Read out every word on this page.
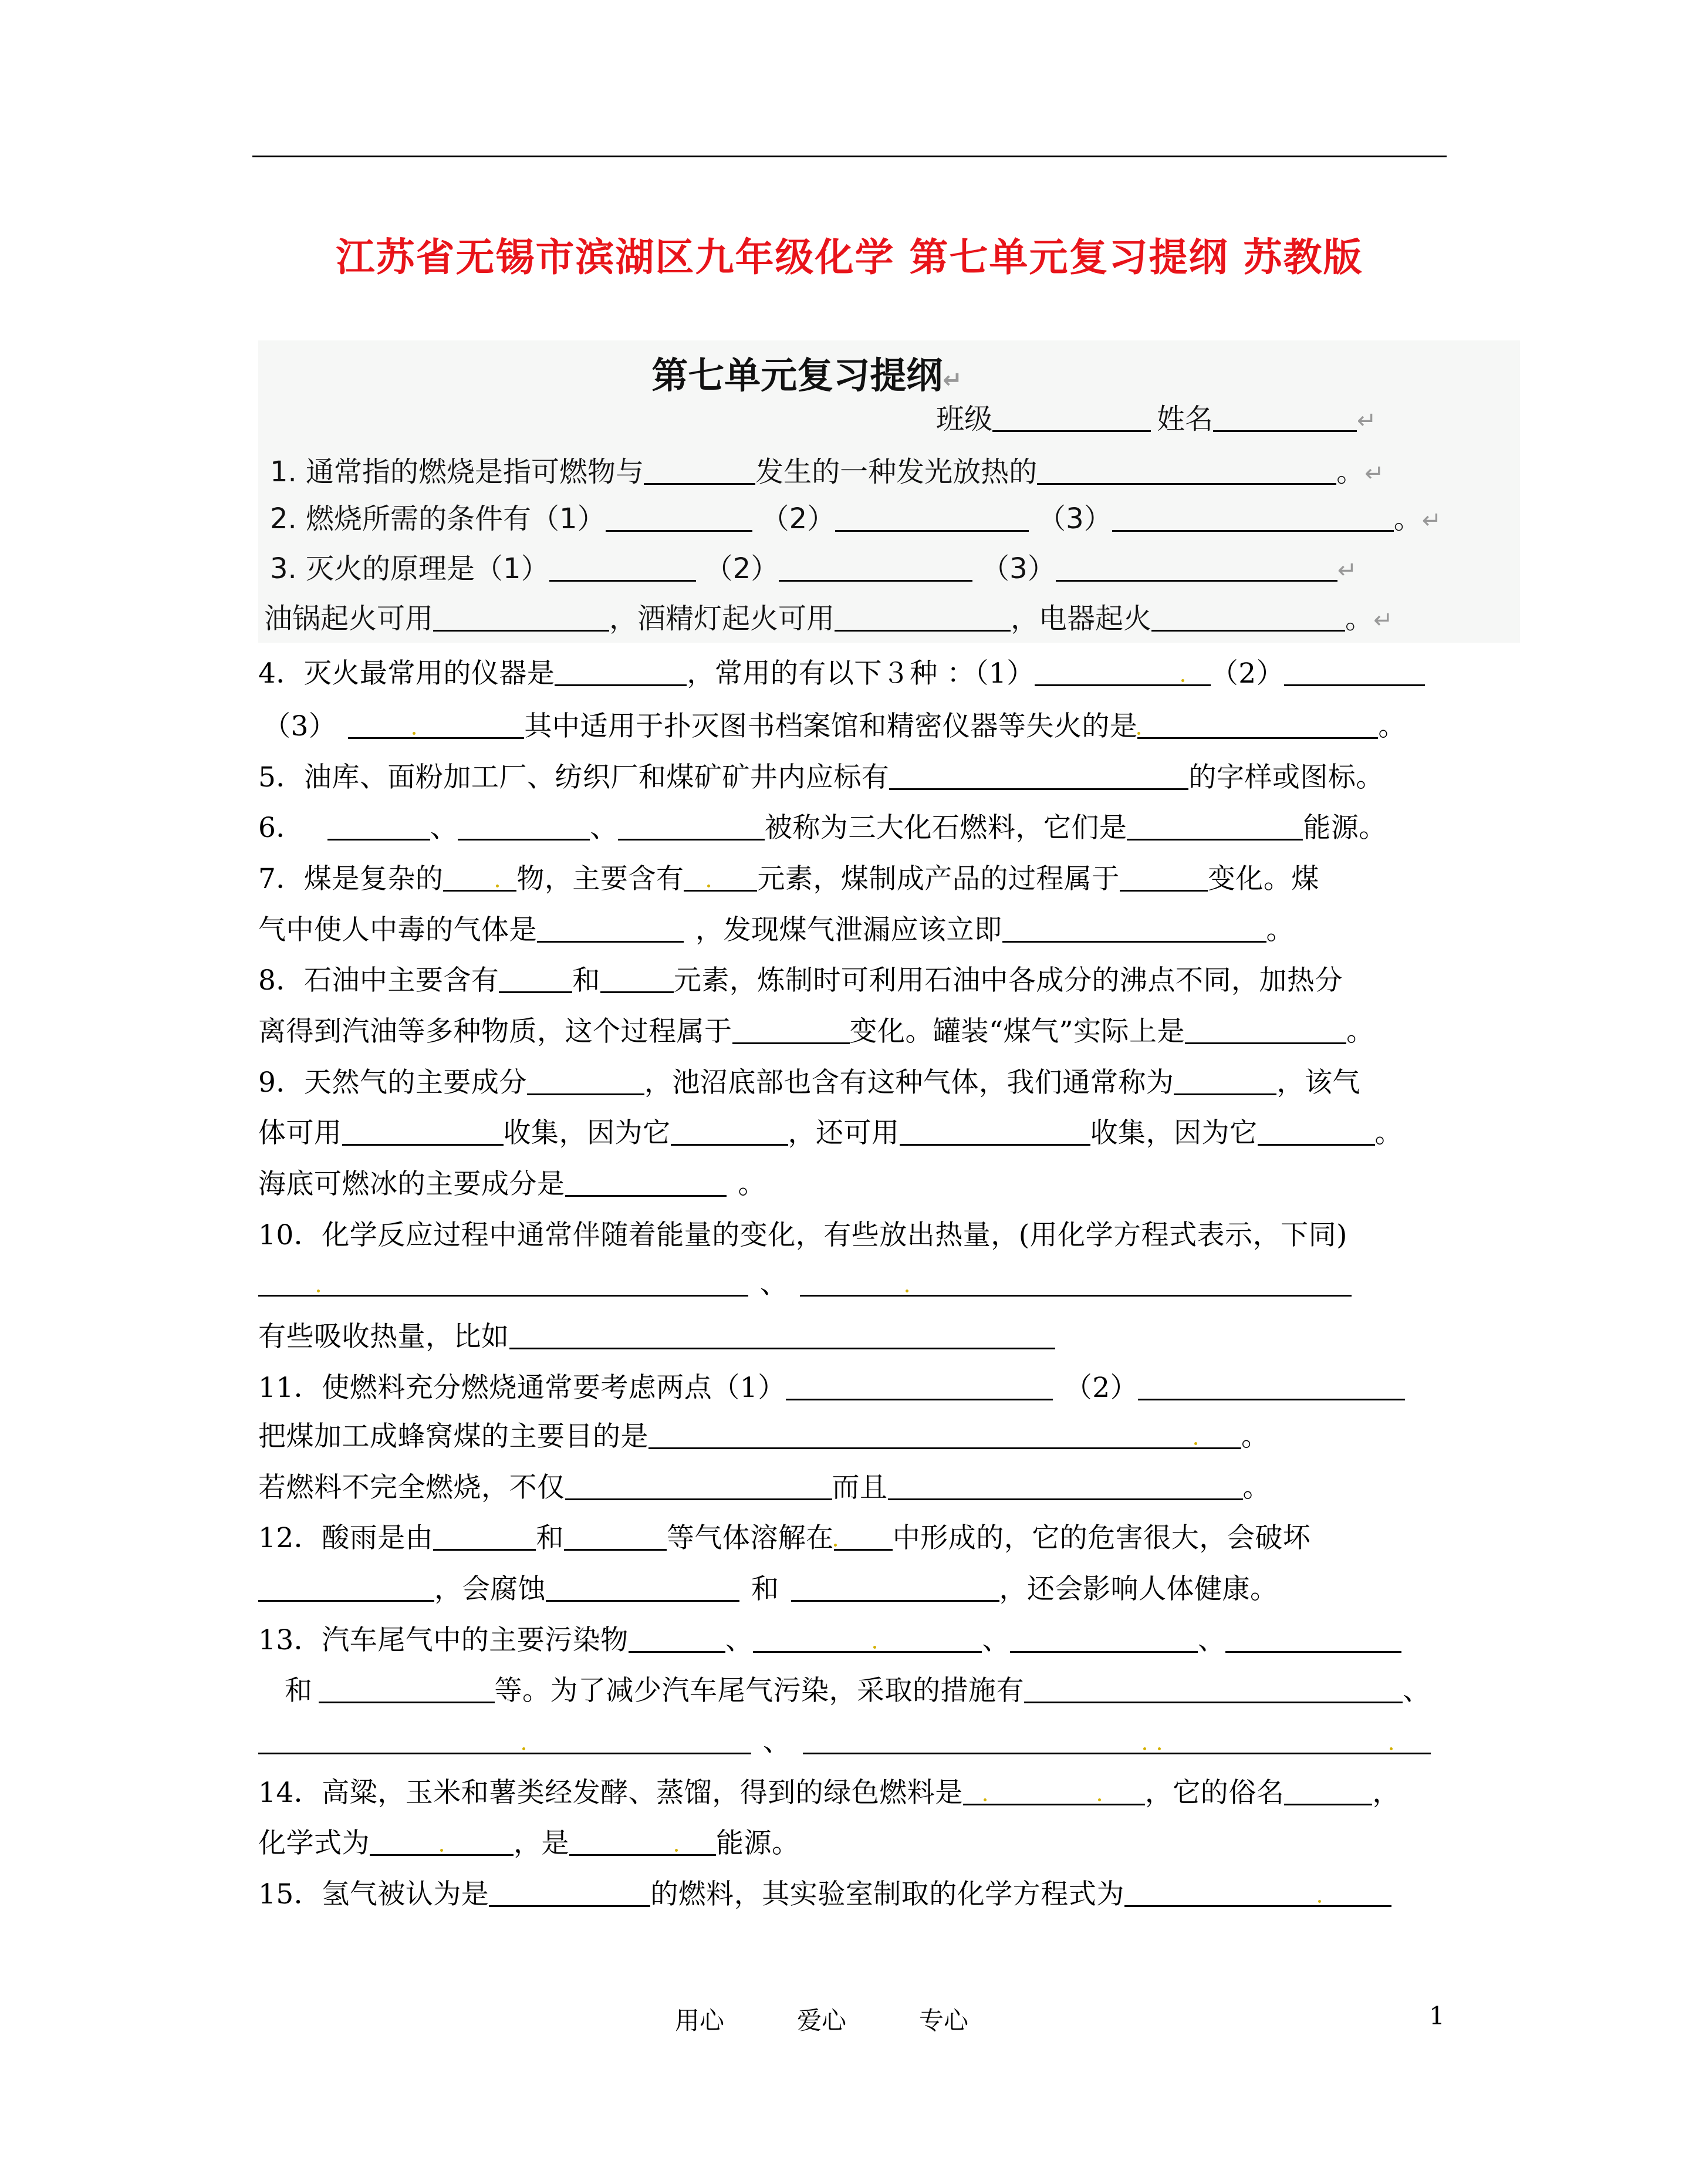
江苏省无锡市滨湖区九年级化学 第七单元复习提纲 苏教版
第七单元复习提纲↵
班级	姓名	↵
1. 通常指的燃烧是指可燃物与	发生的一种发光放热的	。↵
2. 燃烧所需的条件有（1）	（2）	（3）	。↵
3. 灭火的原理是（1）	（2）	（3）	↵
油锅起火可用	，酒精灯起火可用	，电器起火	。↵
4．灭火最常用的仪器是	，常用的有以下３种 ：（1）	（2）
（3）	其中适用于扑灭图书档案馆和精密仪器等失火的是	。
5．油库、面粉加工厂、纺织厂和煤矿矿井内应标有	的字样或图标。
6．	、	、	被称为三大化石燃料，它们是	能源。
7．煤是复杂的	物，主要含有	元素，煤制成产品的过程属于	变化。煤
气中使人中毒的气体是	，发现煤气泄漏应该立即	。
8．石油中主要含有	和	元素，炼制时可利用石油中各成分的沸点不同，加热分
离得到汽油等多种物质，这个过程属于	变化。罐装“煤气”实际上是	。
9．天然气的主要成分	，池沼底部也含有这种气体，我们通常称为	，该气
体可用	收集，因为它	，还可用	收集，因为它	。
海底可燃冰的主要成分是	。
10．化学反应过程中通常伴随着能量的变化，有些放出热量，(用化学方程式表示，下同)
、
有些吸收热量，比如
11．使燃料充分燃烧通常要考虑两点（1）	（2）
把煤加工成蜂窝煤的主要目的是	。
若燃料不完全燃烧，不仅	而且	。
12．酸雨是由	和	等气体溶解在 中形成的，它的危害很大，会破坏
，会腐蚀	和	，还会影响人体健康。
13．汽车尾气中的主要污染物	、	、	、
和	等。为了减少汽车尾气污染，采取的措施有	、
、
14．高粱，玉米和薯类经发酵、蒸馏，得到的绿色燃料是	，它的俗名	，
化学式为	，是	能源。
15．氢气被认为是	的燃料，其实验室制取的化学方程式为
用心	爱心	专心	1
